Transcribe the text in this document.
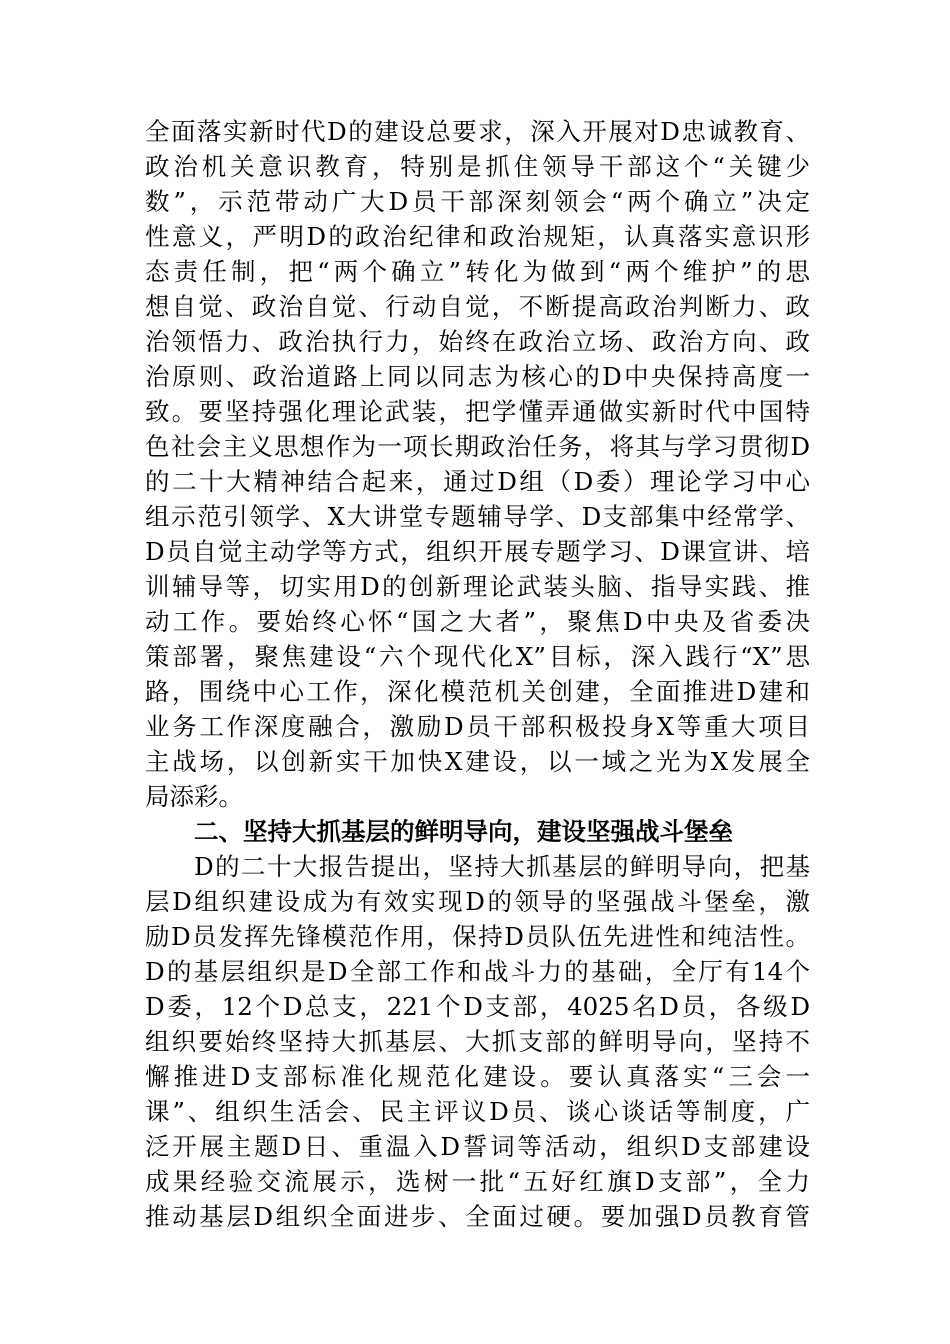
全面落实新时代D的建设总要求，深入开展对D忠诚教育、
政治机关意识教育，特别是抓住领导干部这个“关键少
数”，示范带动广大D员干部深刻领会“两个确立”决定
性意义，严明D的政治纪律和政治规矩，认真落实意识形
态责任制，把“两个确立”转化为做到“两个维护”的思
想自觉、政治自觉、行动自觉，不断提高政治判断力、政
治领悟力、政治执行力，始终在政治立场、政治方向、政
治原则、政治道路上同以同志为核心的D中央保持高度一
致。要坚持强化理论武装，把学懂弄通做实新时代中国特
色社会主义思想作为一项长期政治任务，将其与学习贯彻D
的二十大精神结合起来，通过D组（D委）理论学习中心
组示范引领学、X大讲堂专题辅导学、D支部集中经常学、
D员自觉主动学等方式，组织开展专题学习、D课宣讲、培
训辅导等，切实用D的创新理论武装头脑、指导实践、推
动工作。要始终心怀“国之大者”，聚焦D中央及省委决
策部署，聚焦建设“六个现代化X”目标，深入践行“X”思
路，围绕中心工作，深化模范机关创建，全面推进D建和
业务工作深度融合，激励D员干部积极投身X等重大项目
主战场，以创新实干加快X建设，以一域之光为X发展全
局添彩。
二、坚持大抓基层的鲜明导向，建设坚强战斗堡垒
D的二十大报告提出，坚持大抓基层的鲜明导向，把基
层D组织建设成为有效实现D的领导的坚强战斗堡垒，激
励D员发挥先锋模范作用，保持D员队伍先进性和纯洁性。
D的基层组织是D全部工作和战斗力的基础，全厅有14个
D委，12个D总支，221个D支部，4025名D员，各级D
组织要始终坚持大抓基层、大抓支部的鲜明导向，坚持不
懈推进D支部标准化规范化建设。要认真落实“三会一
课”、组织生活会、民主评议D员、谈心谈话等制度，广
泛开展主题D日、重温入D誓词等活动，组织D支部建设
成果经验交流展示，选树一批“五好红旗D支部”，全力
推动基层D组织全面进步、全面过硬。要加强D员教育管
